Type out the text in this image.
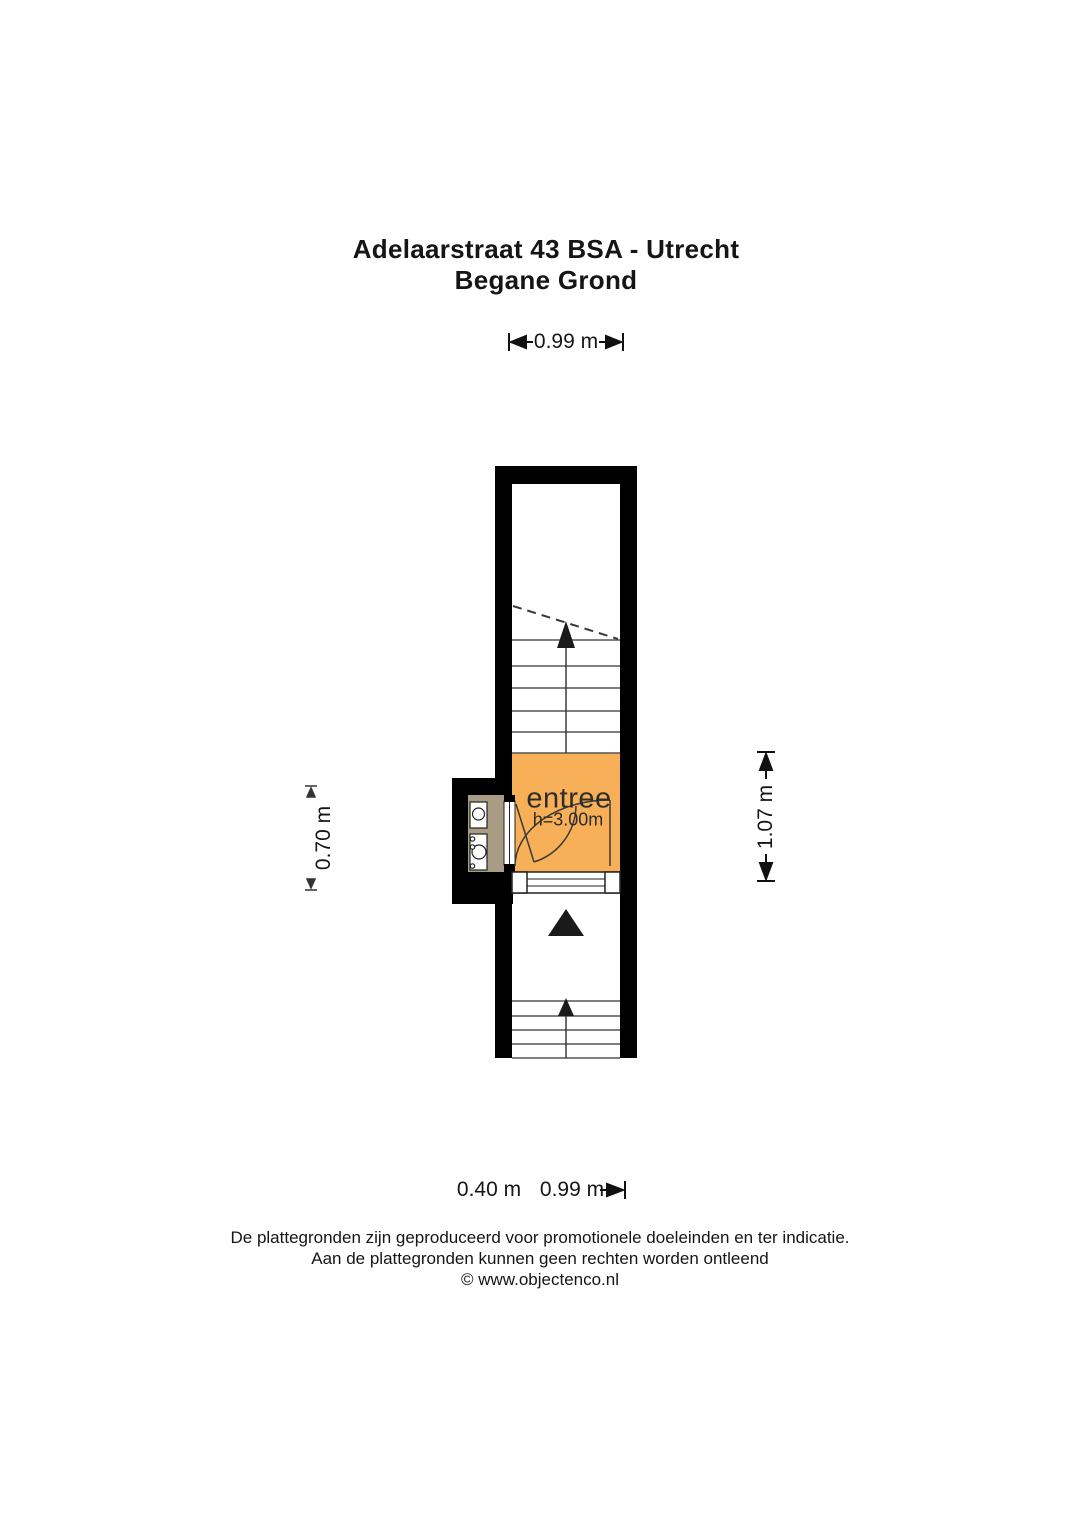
Adelaarstraat 43 BSA - Utrecht
Begane Grond
0.99 m
0.70 m	1.07 m
0.40 m 0.99 m
entree
h=3.00m
De plattegronden zijn geproduceerd voor promotionele doeleinden en ter indicatie.
Aan de plattegronden kunnen geen rechten worden ontleend
© www.objectenco.nl
